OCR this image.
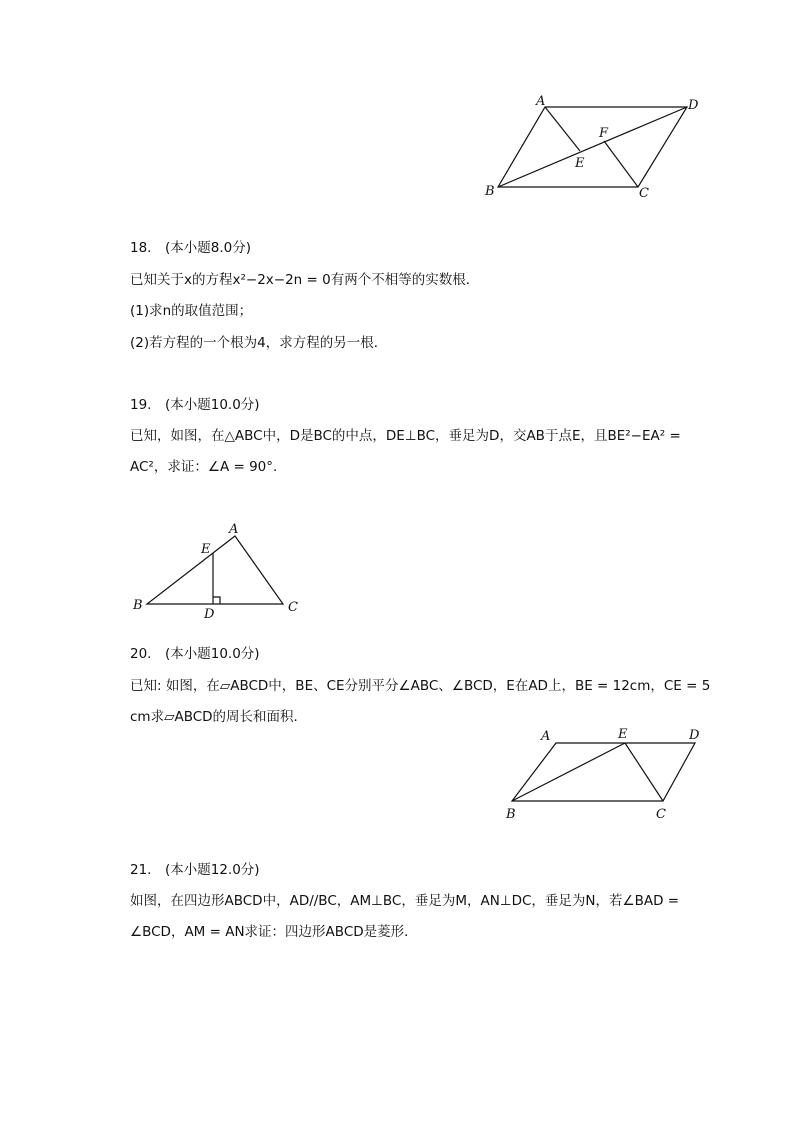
A	D
F
E
B	C
18.　(本小题8.0分)
已知关于x的方程x²−2x−2n = 0有两个不相等的实数根．
(1)求n的取值范围；
(2)若方程的一个根为4，求方程的另一根．
19.　(本小题10.0分)
已知，如图，在△ABC中，D是BC的中点，DE⊥BC，垂足为D，交AB于点E，且BE²−EA² =
AC²，求证：∠A = 90°.
A
E
B
D	C
20.　(本小题10.0分)
已知: 如图，在▱ABCD中，BE、CE分别平分∠ABC、∠BCD，E在AD上，BE = 12cm，CE = 5
cm求▱ABCD的周长和面积．
A	E	D
B	C
21.　(本小题12.0分)
如图，在四边形ABCD中，AD//BC，AM⊥BC，垂足为M，AN⊥DC，垂足为N，若∠BAD =
∠BCD，AM = AN求证：四边形ABCD是菱形．
